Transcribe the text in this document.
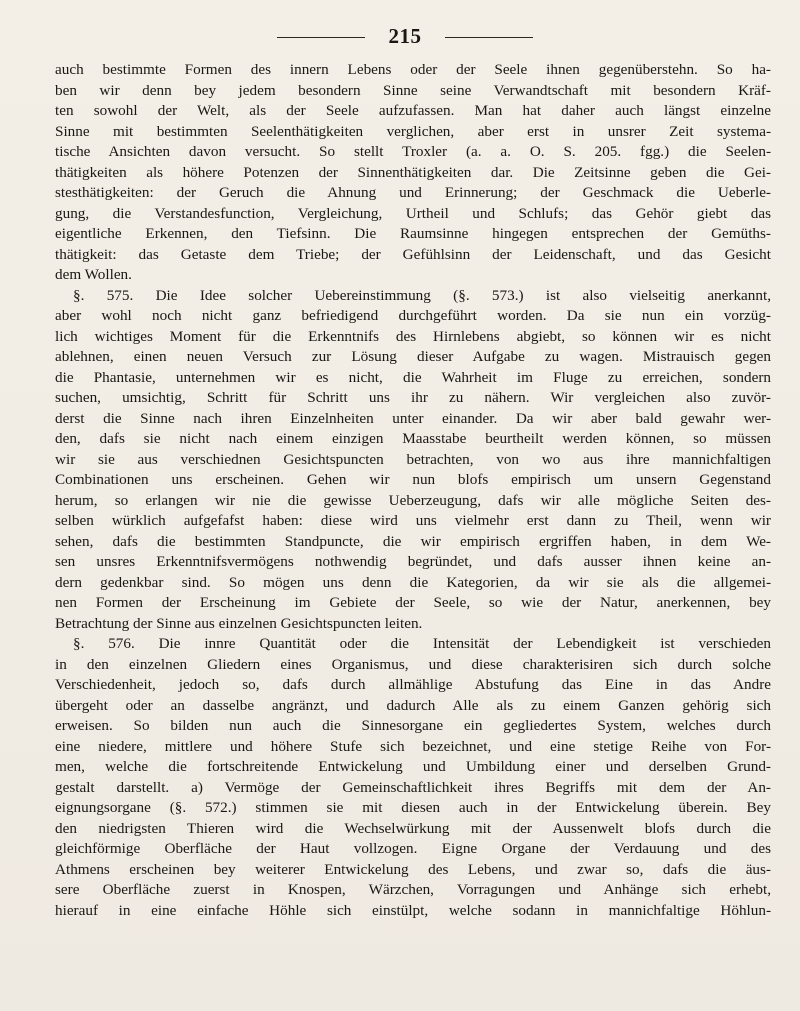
215
auch bestimmte Formen des innern Lebens oder der Seele ihnen gegenüberstehn. So ha-
ben wir denn bey jedem besondern Sinne seine Verwandtschaft mit besondern Kräf-
ten sowohl der Welt, als der Seele aufzufassen. Man hat daher auch längst einzelne
Sinne mit bestimmten Seelenthätigkeiten verglichen, aber erst in unsrer Zeit systema-
tische Ansichten davon versucht. So stellt Troxler (a. a. O. S. 205. fgg.) die Seelen-
thätigkeiten als höhere Potenzen der Sinnenthätigkeiten dar. Die Zeitsinne geben die Gei-
stesthätigkeiten: der Geruch die Ahnung und Erinnerung; der Geschmack die Ueberle-
gung, die Verstandesfunction, Vergleichung, Urtheil und Schlufs; das Gehör giebt das
eigentliche Erkennen, den Tiefsinn. Die Raumsinne hingegen entsprechen der Gemüths-
thätigkeit: das Getaste dem Triebe; der Gefühlsinn der Leidenschaft, und das Gesicht
dem Wollen.
§. 575. Die Idee solcher Uebereinstimmung (§. 573.) ist also vielseitig anerkannt,
aber wohl noch nicht ganz befriedigend durchgeführt worden. Da sie nun ein vorzüg-
lich wichtiges Moment für die Erkenntnifs des Hirnlebens abgiebt, so können wir es nicht
ablehnen, einen neuen Versuch zur Lösung dieser Aufgabe zu wagen. Mistrauisch gegen
die Phantasie, unternehmen wir es nicht, die Wahrheit im Fluge zu erreichen, sondern
suchen, umsichtig, Schritt für Schritt uns ihr zu nähern. Wir vergleichen also zuvör-
derst die Sinne nach ihren Einzelnheiten unter einander. Da wir aber bald gewahr wer-
den, dafs sie nicht nach einem einzigen Maasstabe beurtheilt werden können, so müssen
wir sie aus verschiednen Gesichtspuncten betrachten, von wo aus ihre mannichfaltigen
Combinationen uns erscheinen. Gehen wir nun blofs empirisch um unsern Gegenstand
herum, so erlangen wir nie die gewisse Ueberzeugung, dafs wir alle mögliche Seiten des-
selben würklich aufgefafst haben: diese wird uns vielmehr erst dann zu Theil, wenn wir
sehen, dafs die bestimmten Standpuncte, die wir empirisch ergriffen haben, in dem We-
sen unsres Erkenntnifsvermögens nothwendig begründet, und dafs ausser ihnen keine an-
dern gedenkbar sind. So mögen uns denn die Kategorien, da wir sie als die allgemei-
nen Formen der Erscheinung im Gebiete der Seele, so wie der Natur, anerkennen, bey
Betrachtung der Sinne aus einzelnen Gesichtspuncten leiten.
§. 576. Die innre Quantität oder die Intensität der Lebendigkeit ist verschieden
in den einzelnen Gliedern eines Organismus, und diese charakterisiren sich durch solche
Verschiedenheit, jedoch so, dafs durch allmählige Abstufung das Eine in das Andre
übergeht oder an dasselbe angränzt, und dadurch Alle als zu einem Ganzen gehörig sich
erweisen. So bilden nun auch die Sinnesorgane ein gegliedertes System, welches durch
eine niedere, mittlere und höhere Stufe sich bezeichnet, und eine stetige Reihe von For-
men, welche die fortschreitende Entwickelung und Umbildung einer und derselben Grund-
gestalt darstellt. a) Vermöge der Gemeinschaftlichkeit ihres Begriffs mit dem der An-
eignungsorgane (§. 572.) stimmen sie mit diesen auch in der Entwickelung überein. Bey
den niedrigsten Thieren wird die Wechselwürkung mit der Aussenwelt blofs durch die
gleichförmige Oberfläche der Haut vollzogen. Eigne Organe der Verdauung und des
Athmens erscheinen bey weiterer Entwickelung des Lebens, und zwar so, dafs die äus-
sere Oberfläche zuerst in Knospen, Wärzchen, Vorragungen und Anhänge sich erhebt,
hierauf in eine einfache Höhle sich einstülpt, welche sodann in mannichfaltige Höhlun-
